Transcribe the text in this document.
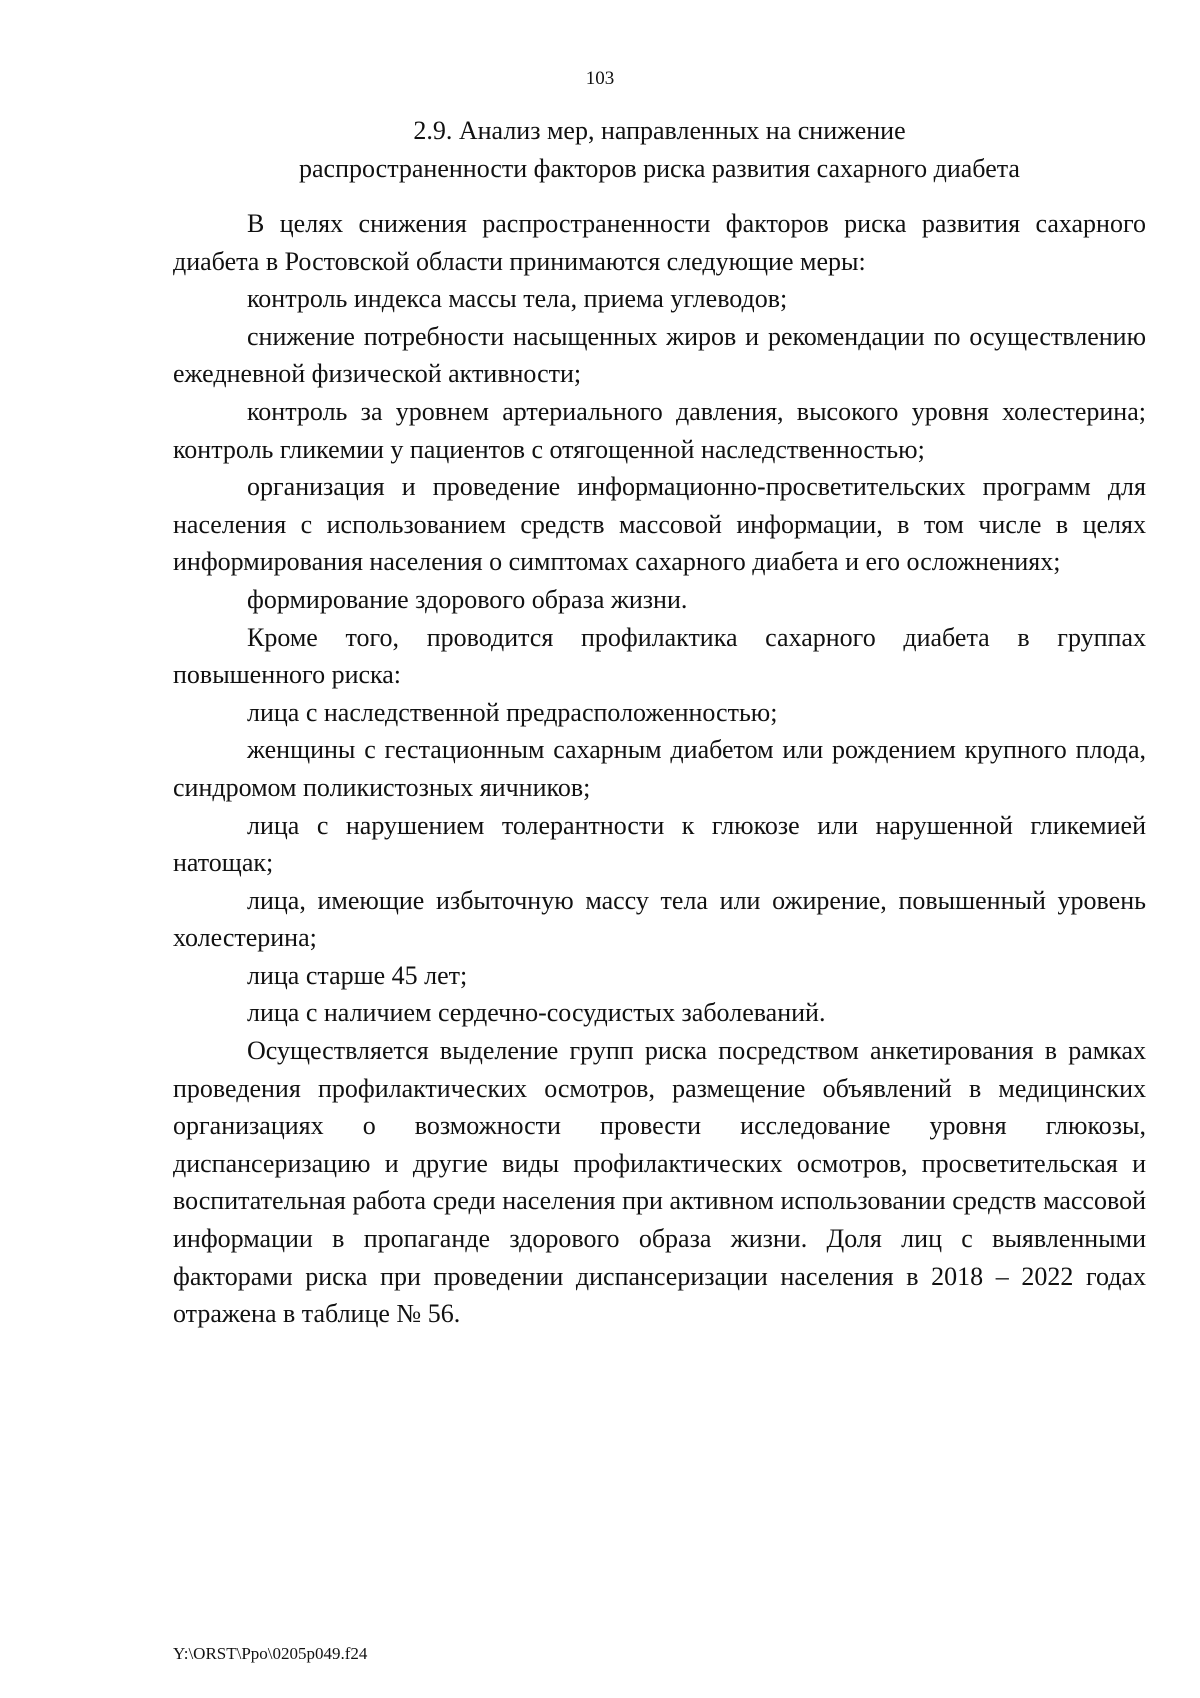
103
2.9. Анализ мер, направленных на снижение
распространенности факторов риска развития сахарного диабета

В целях снижения распространенности факторов риска развития сахарного диабета в Ростовской области принимаются следующие меры:

контроль индекса массы тела, приема углеводов;

снижение потребности насыщенных жиров и рекомендации по осуществлению ежедневной физической активности;

контроль за уровнем артериального давления, высокого уровня холестерина; контроль гликемии у пациентов с отягощенной наследственностью;

организация и проведение информационно-просветительских программ для населения с использованием средств массовой информации, в том числе в целях информирования населения о симптомах сахарного диабета и его осложнениях;

формирование здорового образа жизни.

Кроме того, проводится профилактика сахарного диабета в группах повышенного риска:

лица с наследственной предрасположенностью;

женщины с гестационным сахарным диабетом или рождением крупного плода, синдромом поликистозных яичников;

лица с нарушением толерантности к глюкозе или нарушенной гликемией натощак;

лица, имеющие избыточную массу тела или ожирение, повышенный уровень холестерина;

лица старше 45 лет;

лица с наличием сердечно-сосудистых заболеваний.

Осуществляется выделение групп риска посредством анкетирования в рамках проведения профилактических осмотров, размещение объявлений в медицинских организациях о возможности провести исследование уровня глюкозы, диспансеризацию и другие виды профилактических осмотров, просветительская и воспитательная работа среди населения при активном использовании средств массовой информации в пропаганде здорового образа жизни. Доля лиц с выявленными факторами риска при проведении диспансеризации населения в 2018 – 2022 годах отражена в таблице № 56.

Y:\ORST\Ppo\0205p049.f24
